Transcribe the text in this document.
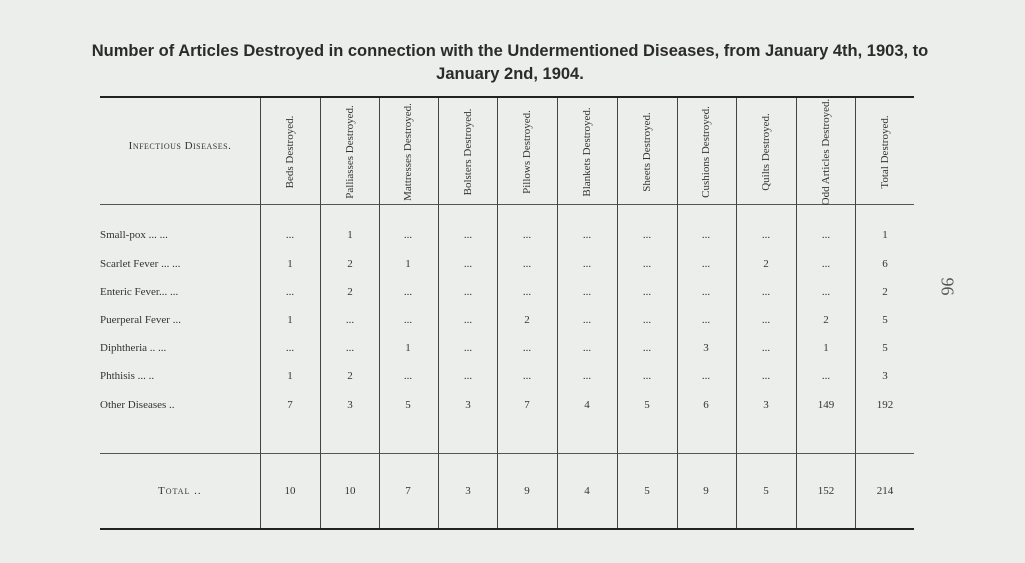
Number of Articles Destroyed in connection with the Undermentioned Diseases, from January 4th, 1903, to January 2nd, 1904.
96
Infectious Diseases.	Beds Destroyed.	Palliasses Destroyed.	Mattresses Destroyed.	Bolsters Destroyed.	Pillows Destroyed.	Blankets Destroyed.	Sheets Destroyed.	Cushions Destroyed.	Quilts Destroyed.	Odd Articles Destroyed.	Total Destroyed.
Small-pox ... ...	...	1	...	...	...	...	...	...	...	...	1
Scarlet Fever ... ...	1	2	1	...	...	...	...	...	2	...	6
Enteric Fever... ...	...	2	...	...	...	...	...	...	...	...	2
Puerperal Fever ...	1	...	...	...	2	...	...	...	...	2	5
Diphtheria .. ...	...	...	1	...	...	...	...	3	...	1	5
Phthisis ... ..	1	2	...	...	...	...	...	...	...	...	3
Other Diseases ..	7	3	5	3	7	4	5	6	3	149	192
Total ..	10	10	7	3	9	4	5	9	5	152	214
